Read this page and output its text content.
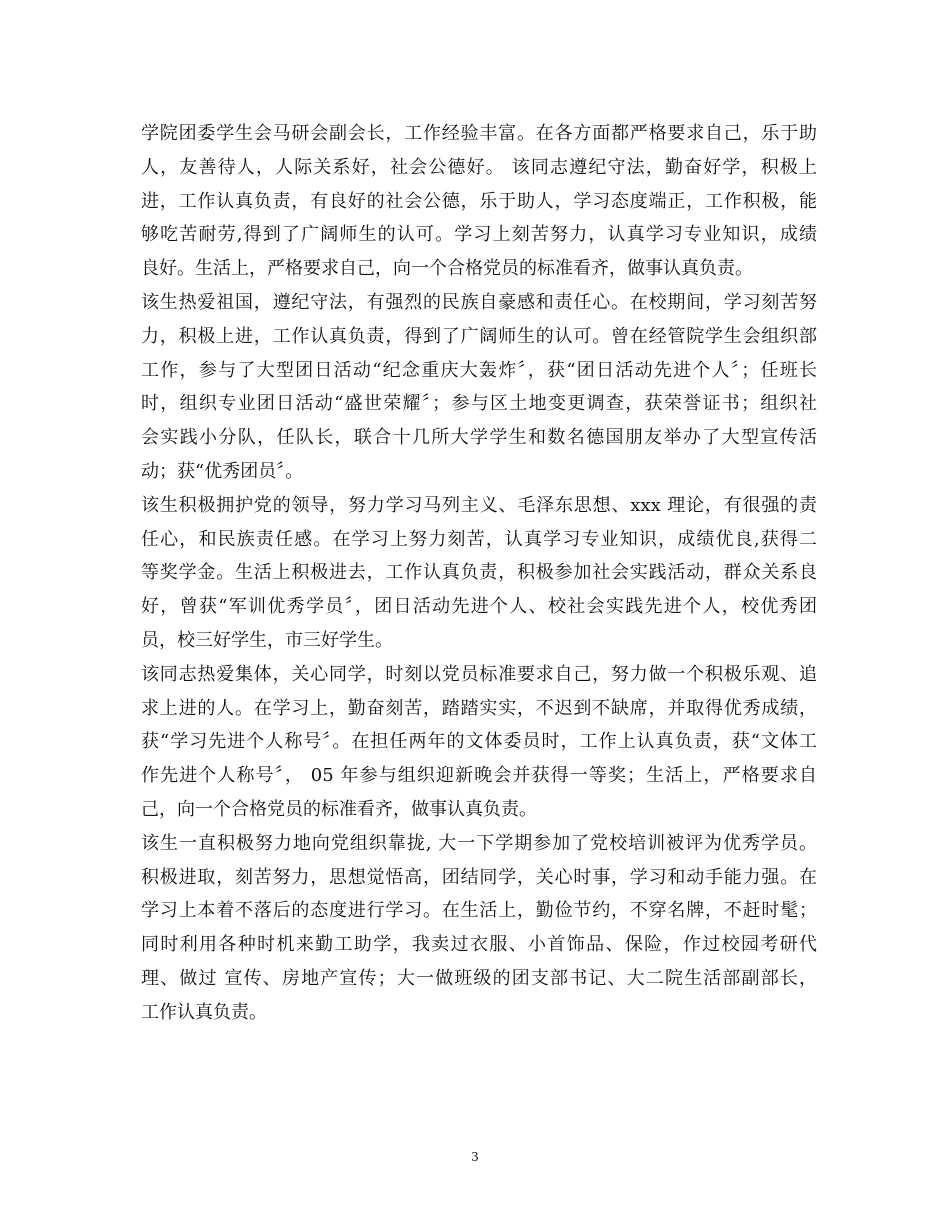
学院团委学生会马研会副会长，工作经验丰富。在各方面都严格要求自己，乐于助
人，友善待人，人际关系好，社会公德好。 该同志遵纪守法，勤奋好学，积极上
进，工作认真负责，有良好的社会公德，乐于助人，学习态度端正，工作积极，能
够吃苦耐劳,得到了广阔师生的认可。学习上刻苦努力，认真学习专业知识，成绩
良好。生活上，严格要求自己，向一个合格党员的标准看齐，做事认真负责。
该生热爱祖国，遵纪守法，有强烈的民族自豪感和责任心。在校期间，学习刻苦努
力，积极上进，工作认真负责，得到了广阔师生的认可。曾在经管院学生会组织部
工作，参与了大型团日活动“纪念重庆大轰炸〞，获“团日活动先进个人〞；任班长
时，组织专业团日活动“盛世荣耀〞；参与区土地变更调查，获荣誉证书；组织社
会实践小分队，任队长，联合十几所大学学生和数名德国朋友举办了大型宣传活
动；获“优秀团员〞。
该生积极拥护党的领导，努力学习马列主义、毛泽东思想、xxx 理论，有很强的责
任心，和民族责任感。在学习上努力刻苦，认真学习专业知识，成绩优良,获得二
等奖学金。生活上积极进去，工作认真负责，积极参加社会实践活动，群众关系良
好，曾获“军训优秀学员〞，团日活动先进个人、校社会实践先进个人，校优秀团
员，校三好学生，市三好学生。
该同志热爱集体，关心同学，时刻以党员标准要求自己，努力做一个积极乐观、追
求上进的人。在学习上，勤奋刻苦，踏踏实实，不迟到不缺席，并取得优秀成绩，
获“学习先进个人称号〞。在担任两年的文体委员时，工作上认真负责，获“文体工
作先进个人称号〞， 05 年参与组织迎新晚会并获得一等奖；生活上，严格要求自
己，向一个合格党员的标准看齐，做事认真负责。
该生一直积极努力地向党组织靠拢, 大一下学期参加了党校培训被评为优秀学员。
积极进取，刻苦努力，思想觉悟高，团结同学，关心时事，学习和动手能力强。在
学习上本着不落后的态度进行学习。在生活上，勤俭节约，不穿名牌，不赶时髦；
同时利用各种时机来勤工助学，我卖过衣服、小首饰品、保险，作过校园考研代
理、做过 宣传、房地产宣传；大一做班级的团支部书记、大二院生活部副部长，
工作认真负责。
3
